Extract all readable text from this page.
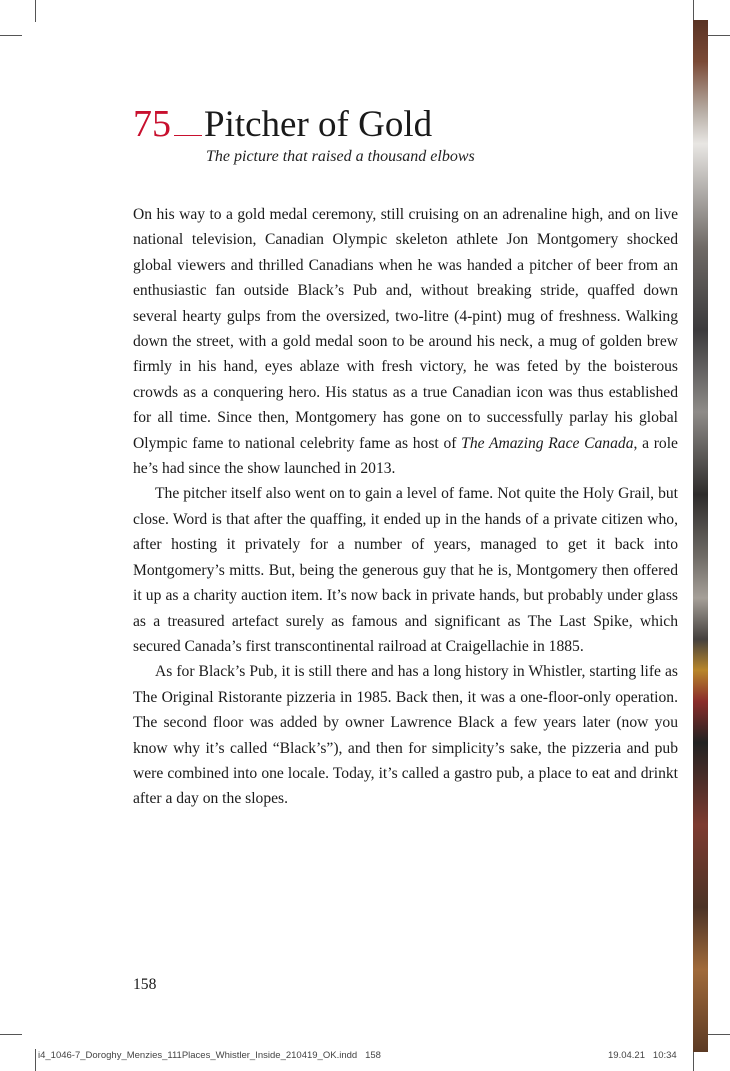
75 Pitcher of Gold
The picture that raised a thousand elbows

On his way to a gold medal ceremony, still cruising on an adrenaline high, and on live national television, Canadian Olympic skeleton athlete Jon Montgomery shocked global viewers and thrilled Canadians when he was handed a pitcher of beer from an enthusiastic fan outside Black’s Pub and, without breaking stride, quaffed down several hearty gulps from the oversized, two-litre (4-pint) mug of freshness. Walking down the street, with a gold medal soon to be around his neck, a mug of golden brew firmly in his hand, eyes ablaze with fresh victory, he was feted by the boisterous crowds as a conquering hero. His status as a true Canadian icon was thus established for all time. Since then, Montgomery has gone on to successfully parlay his global Olympic fame to national celebrity fame as host of The Amazing Race Canada, a role he’s had since the show launched in 2013.

The pitcher itself also went on to gain a level of fame. Not quite the Holy Grail, but close. Word is that after the quaffing, it ended up in the hands of a private citizen who, after hosting it privately for a number of years, managed to get it back into Montgomery’s mitts. But, being the generous guy that he is, Montgomery then offered it up as a charity auction item. It’s now back in private hands, but probably under glass as a treasured artefact surely as famous and significant as The Last Spike, which secured Canada’s first transcontinental railroad at Craigellachie in 1885.

As for Black’s Pub, it is still there and has a long history in Whistler, starting life as The Original Ristorante pizzeria in 1985. Back then, it was a one-floor-only operation. The second floor was added by owner Lawrence Black a few years later (now you know why it’s called “Black’s”), and then for simplicity’s sake, the pizzeria and pub were combined into one locale. Today, it’s called a gastro pub, a place to eat and drinkt after a day on the slopes.

158
i4_1046-7_Doroghy_Menzies_111Places_Whistler_Inside_210419_OK.indd 158	19.04.21 10:34
